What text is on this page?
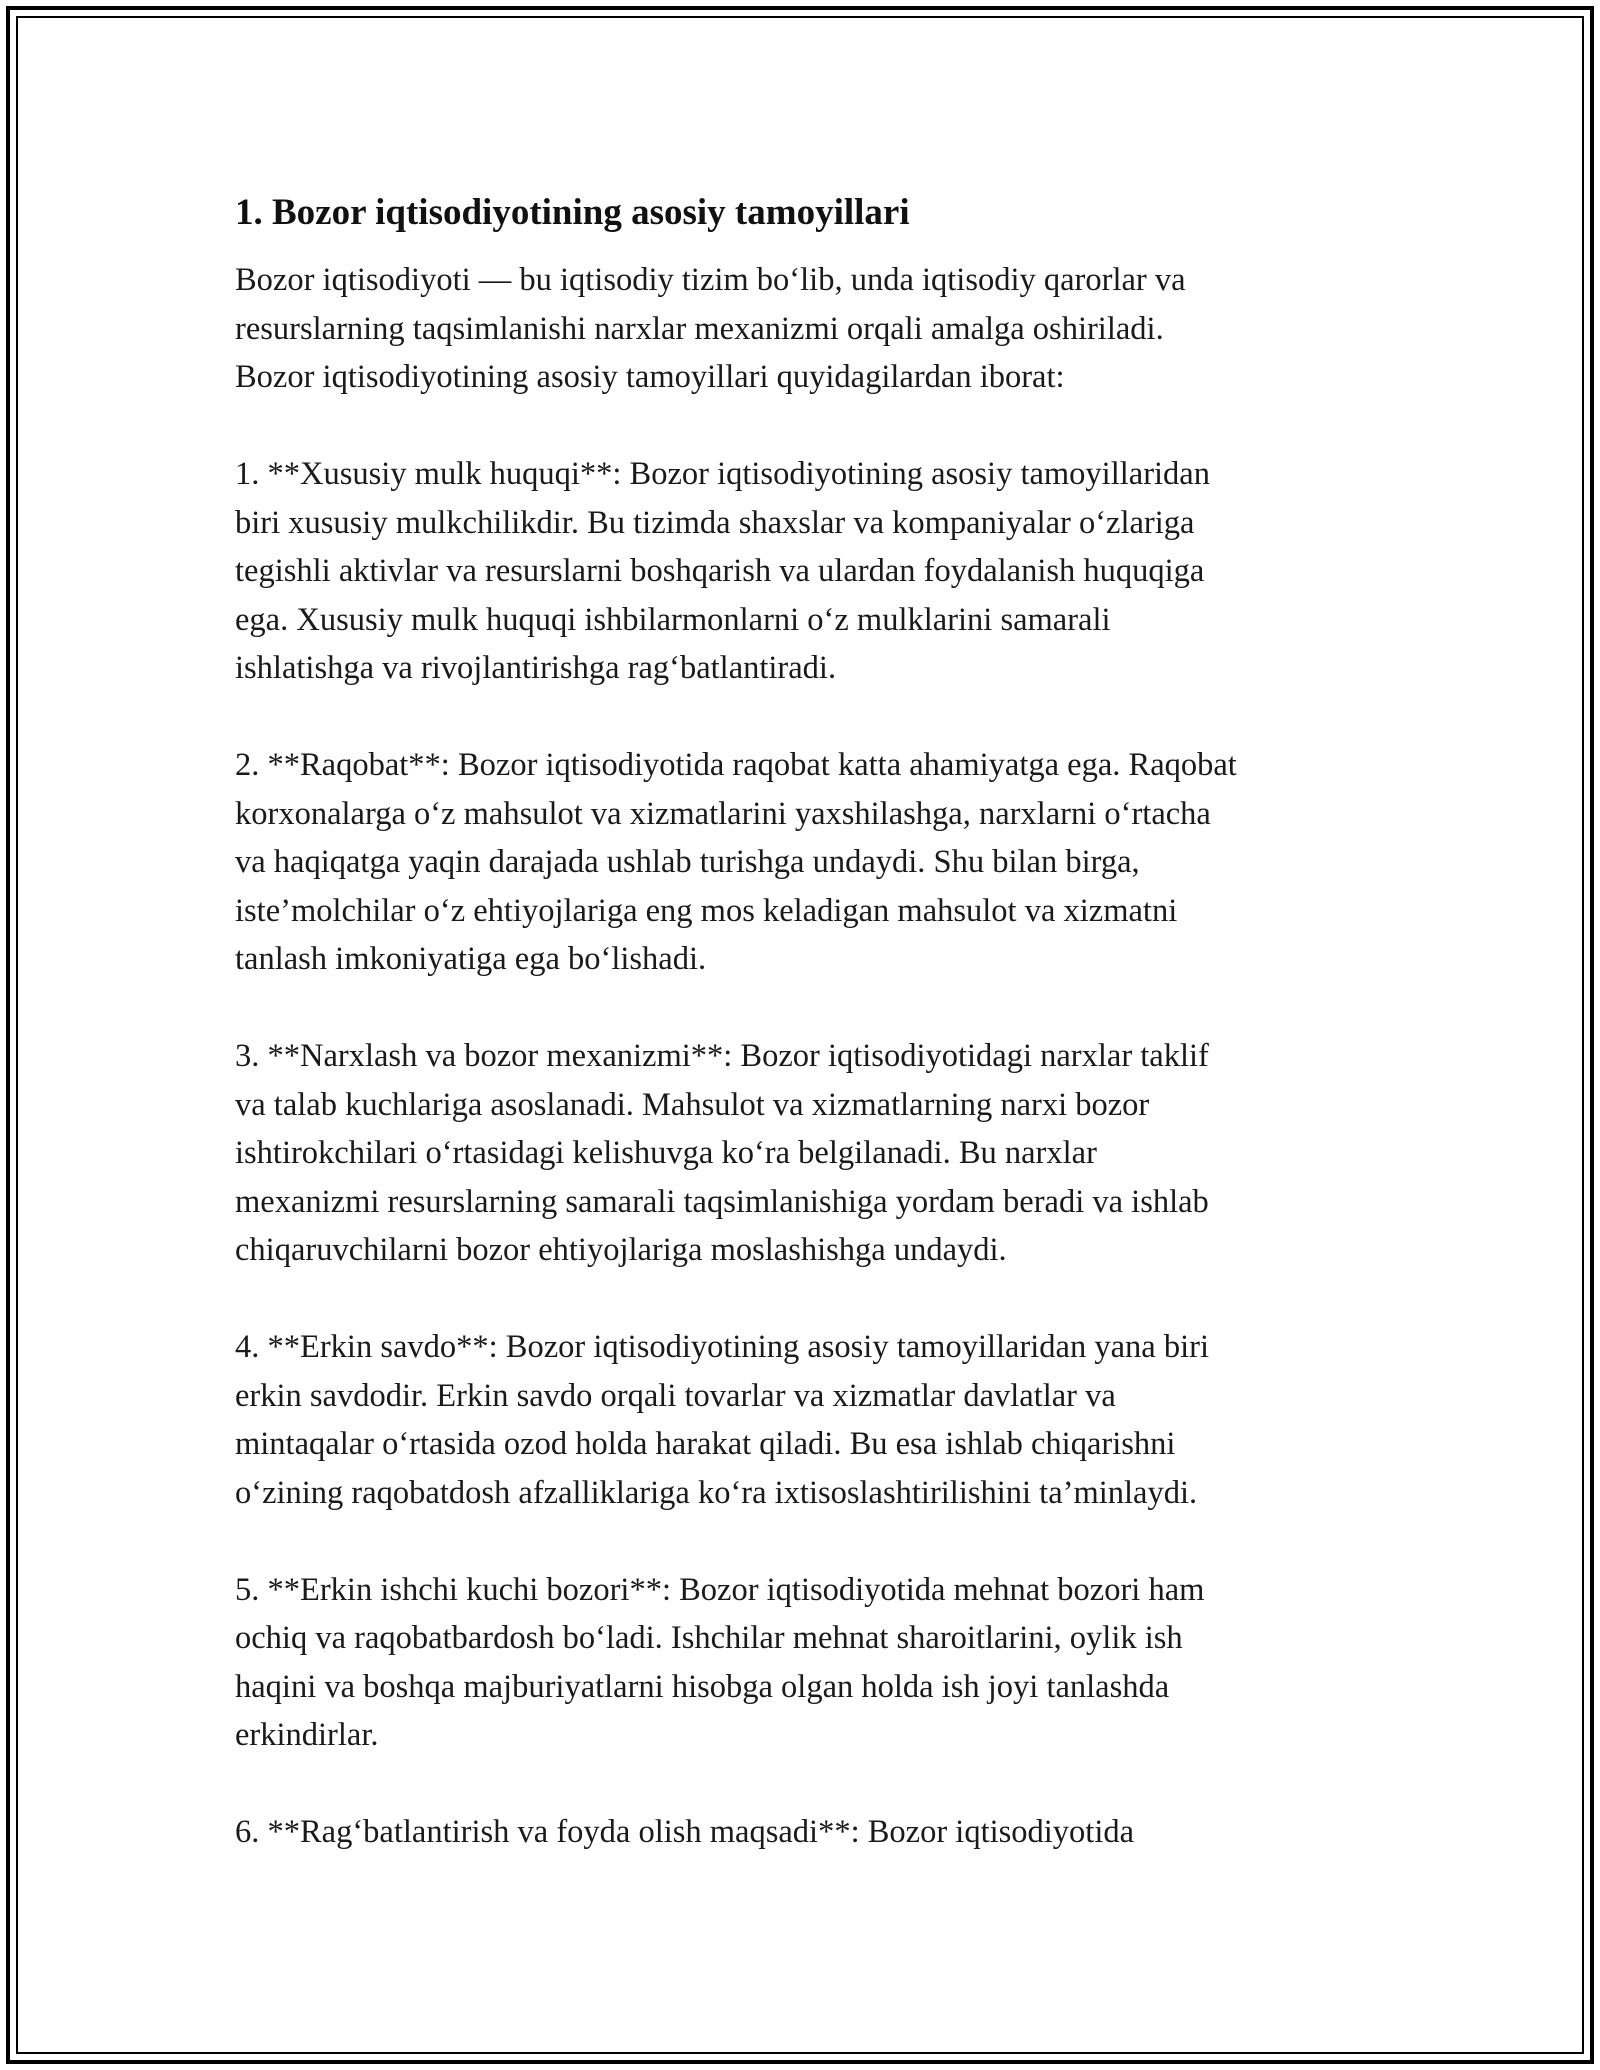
1. Bozor iqtisodiyotining asosiy tamoyillari

Bozor iqtisodiyoti — bu iqtisodiy tizim bo‘lib, unda iqtisodiy qarorlar va
resurslarning taqsimlanishi narxlar mexanizmi orqali amalga oshiriladi.
Bozor iqtisodiyotining asosiy tamoyillari quyidagilardan iborat:

1. **Xususiy mulk huquqi**: Bozor iqtisodiyotining asosiy tamoyillaridan
biri xususiy mulkchilikdir. Bu tizimda shaxslar va kompaniyalar o‘zlariga
tegishli aktivlar va resurslarni boshqarish va ulardan foydalanish huquqiga
ega. Xususiy mulk huquqi ishbilarmonlarni o‘z mulklarini samarali
ishlatishga va rivojlantirishga rag‘batlantiradi.

2. **Raqobat**: Bozor iqtisodiyotida raqobat katta ahamiyatga ega. Raqobat
korxonalarga o‘z mahsulot va xizmatlarini yaxshilashga, narxlarni o‘rtacha
va haqiqatga yaqin darajada ushlab turishga undaydi. Shu bilan birga,
iste’molchilar o‘z ehtiyojlariga eng mos keladigan mahsulot va xizmatni
tanlash imkoniyatiga ega bo‘lishadi.

3. **Narxlash va bozor mexanizmi**: Bozor iqtisodiyotidagi narxlar taklif
va talab kuchlariga asoslanadi. Mahsulot va xizmatlarning narxi bozor
ishtirokchilari o‘rtasidagi kelishuvga ko‘ra belgilanadi. Bu narxlar
mexanizmi resurslarning samarali taqsimlanishiga yordam beradi va ishlab
chiqaruvchilarni bozor ehtiyojlariga moslashishga undaydi.

4. **Erkin savdo**: Bozor iqtisodiyotining asosiy tamoyillaridan yana biri
erkin savdodir. Erkin savdo orqali tovarlar va xizmatlar davlatlar va
mintaqalar o‘rtasida ozod holda harakat qiladi. Bu esa ishlab chiqarishni
o‘zining raqobatdosh afzalliklariga ko‘ra ixtisoslashtirilishini ta’minlaydi.

5. **Erkin ishchi kuchi bozori**: Bozor iqtisodiyotida mehnat bozori ham
ochiq va raqobatbardosh bo‘ladi. Ishchilar mehnat sharoitlarini, oylik ish
haqini va boshqa majburiyatlarni hisobga olgan holda ish joyi tanlashda
erkindirlar.

6. **Rag‘batlantirish va foyda olish maqsadi**: Bozor iqtisodiyotida
